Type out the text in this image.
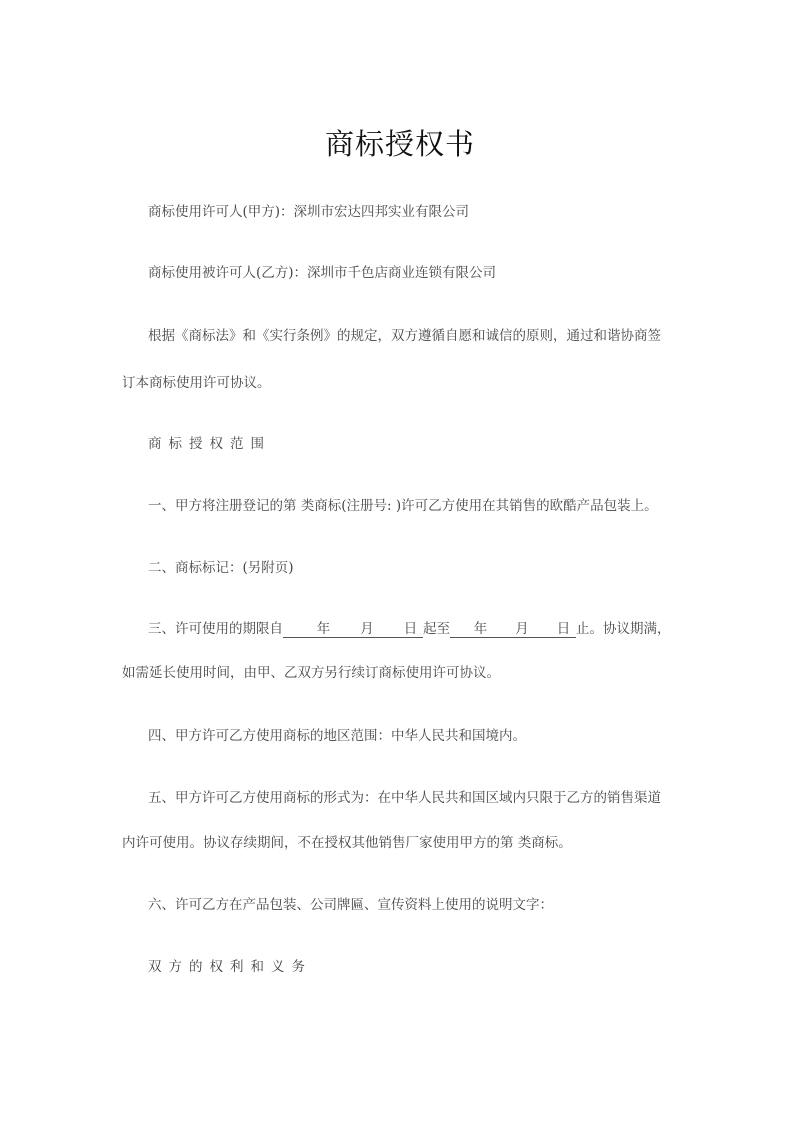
商标授权书
商标使用许可人(甲方)：深圳市宏达四邦实业有限公司
商标使用被许可人(乙方)：深圳市千色店商业连锁有限公司
根据《商标法》和《实行条例》的规定，双方遵循自愿和诚信的原则，通过和谐协商签
订本商标使用许可协议。
商标授权范围
一、甲方将注册登记的第 类商标(注册号: )许可乙方使用在其销售的欧酷产品包装上。
二、商标标记：(另附页)
三、许可使用的期限自	年 月 日 起至 年 月 日 止。协议期满，
如需延长使用时间，由甲、乙双方另行续订商标使用许可协议。
四、甲方许可乙方使用商标的地区范围：中华人民共和国境内。
五、甲方许可乙方使用商标的形式为：在中华人民共和国区域内只限于乙方的销售渠道
内许可使用。协议存续期间，不在授权其他销售厂家使用甲方的第 类商标。
六、许可乙方在产品包装、公司牌匾、宣传资料上使用的说明文字：
双方的权利和义务
